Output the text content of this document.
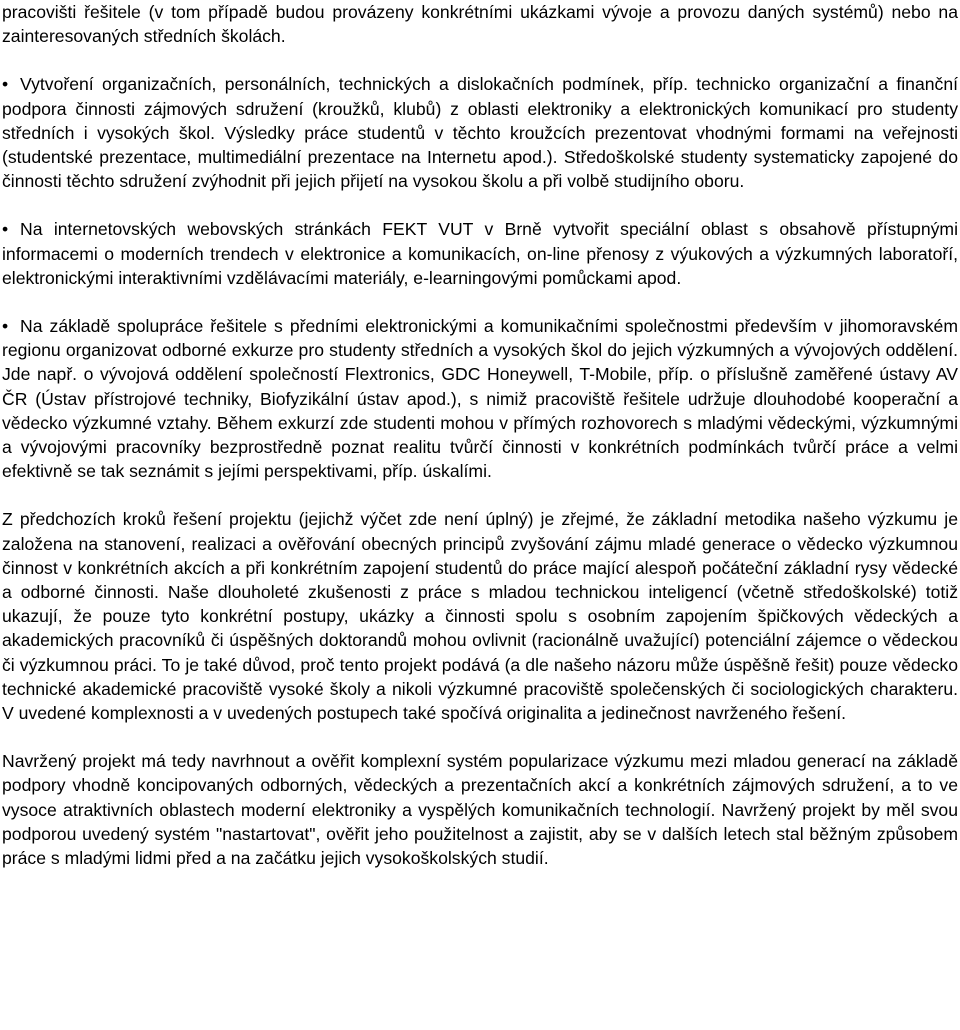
pracovišti řešitele (v tom případě budou provázeny konkrétními ukázkami vývoje a provozu daných systémů) nebo na zainteresovaných středních školách.

• Vytvoření organizačních, personálních, technických a dislokačních podmínek, příp. technicko organizační a finanční podpora činnosti zájmových sdružení (kroužků, klubů) z oblasti elektroniky a elektronických komunikací pro studenty středních i vysokých škol. Výsledky práce studentů v těchto kroužcích prezentovat vhodnými formami na veřejnosti (studentské prezentace, multimediální prezentace na Internetu apod.). Středoškolské studenty systematicky zapojené do činnosti těchto sdružení zvýhodnit při jejich přijetí na vysokou školu a při volbě studijního oboru.

• Na internetovských webovských stránkách FEKT VUT v Brně vytvořit speciální oblast s obsahově přístupnými informacemi o moderních trendech v elektronice a komunikacích, on-line přenosy z výukových a výzkumných laboratoří, elektronickými interaktivními vzdělávacími materiály, e-learningovými pomůckami apod.

• Na základě spolupráce řešitele s předními elektronickými a komunikačními společnostmi především v jihomoravském regionu organizovat odborné exkurze pro studenty středních a vysokých škol do jejich výzkumných a vývojových oddělení. Jde např. o vývojová oddělení společností Flextronics, GDC Honeywell, T-Mobile, příp. o příslušně zaměřené ústavy AV ČR (Ústav přístrojové techniky, Biofyzikální ústav apod.), s nimiž pracoviště řešitele udržuje dlouhodobé kooperační a vědecko výzkumné vztahy. Během exkurzí zde studenti mohou v přímých rozhovorech s mladými vědeckými, výzkumnými a vývojovými pracovníky bezprostředně poznat realitu tvůrčí činnosti v konkrétních podmínkách tvůrčí práce a velmi efektivně se tak seznámit s jejími perspektivami, příp. úskalími.

Z předchozích kroků řešení projektu (jejichž výčet zde není úplný) je zřejmé, že základní metodika našeho výzkumu je založena na stanovení, realizaci a ověřování obecných principů zvyšování zájmu mladé generace o vědecko výzkumnou činnost v konkrétních akcích a při konkrétním zapojení studentů do práce mající alespoň počáteční základní rysy vědecké a odborné činnosti. Naše dlouholeté zkušenosti z práce s mladou technickou inteligencí (včetně středoškolské) totiž ukazují, že pouze tyto konkrétní postupy, ukázky a činnosti spolu s osobním zapojením špičkových vědeckých a akademických pracovníků či úspěšných doktorandů mohou ovlivnit (racionálně uvažující) potenciální zájemce o vědeckou či výzkumnou práci. To je také důvod, proč tento projekt podává (a dle našeho názoru může úspěšně řešit) pouze vědecko technické akademické pracoviště vysoké školy a nikoli výzkumné pracoviště společenských či sociologických charakteru. V uvedené komplexnosti a v uvedených postupech také spočívá originalita a jedinečnost navrženého řešení.

Navržený projekt má tedy navrhnout a ověřit komplexní systém popularizace výzkumu mezi mladou generací na základě podpory vhodně koncipovaných odborných, vědeckých a prezentačních akcí a konkrétních zájmových sdružení, a to ve vysoce atraktivních oblastech moderní elektroniky a vyspělých komunikačních technologií. Navržený projekt by měl svou podporou uvedený systém "nastartovat", ověřit jeho použitelnost a zajistit, aby se v dalších letech stal běžným způsobem práce s mladými lidmi před a na začátku jejich vysokoškolských studií.
